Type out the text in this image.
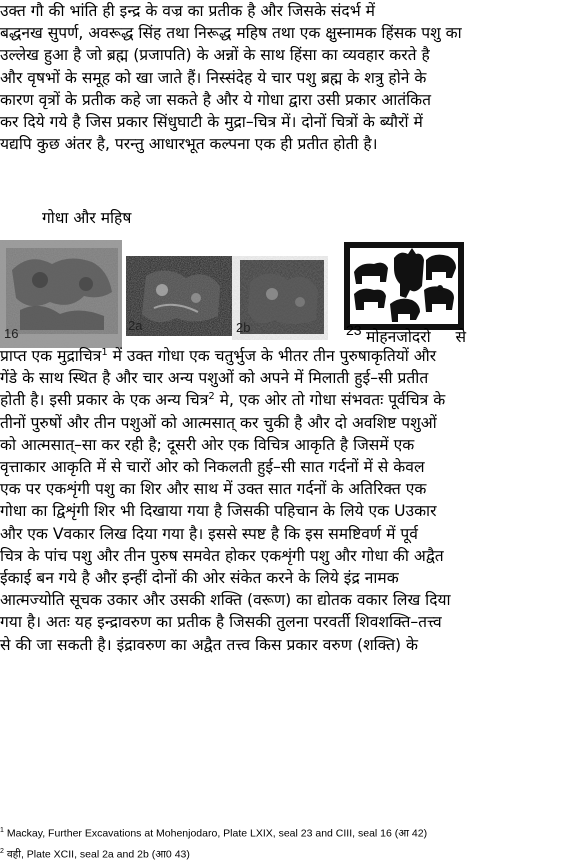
उक्त गौ की भांति ही इन्द्र के वज्र का प्रतीक है और जिसके संदर्भ में
बद्धनख सुपर्ण, अवरूद्ध सिंह तथा निरूद्ध महिष तथा एक क्षुस्नामक हिंसक पशु का
उल्लेख हुआ है जो ब्रह्म (प्रजापति) के अन्नों के साथ हिंसा का व्यवहार करते है
और वृषभों के समूह को खा जाते हैं। निस्संदेह ये चार पशु ब्रह्म के शत्रु होने के
कारण वृत्रों के प्रतीक कहे जा सकते है और ये गोधा द्वारा उसी प्रकार आतंकित
कर दिये गये है जिस प्रकार सिंधुघाटी के मुद्रा–चित्र में। दोनों चित्रों के ब्यौरों में
यद्यपि कुछ अंतर है, परन्तु आधारभूत कल्पना एक ही प्रतीत होती है।
गोधा और महिष
16
2a	2b	23 मोहनजोदरो से
प्राप्त एक मुद्राचित्र$^1$ में उक्त गोधा एक चतुर्भुज के भीतर तीन पुरुषाकृतियों और
गेंडे के साथ स्थित है और चार अन्य पशुओं को अपने में मिलाती हुई–सी प्रतीत
होती है। इसी प्रकार के एक अन्य चित्र$^2$ मे, एक ओर तो गोधा संभवतः पूर्वचित्र के
तीनों पुरुषों और तीन पशुओं को आत्मसात् कर चुकी है और दो अवशिष्ट पशुओं
को आत्मसात्–सा कर रही है; दूसरी ओर एक विचित्र आकृति है जिसमें एक
वृत्ताकार आकृति में से चारों ओर को निकलती हुई–सी सात गर्दनों में से केवल
एक पर एकशृंगी पशु का शिर और साथ में उक्त सात गर्दनों के अतिरिक्त एक
गोधा का द्विशृंगी शिर भी दिखाया गया है जिसकी पहिचान के लिये एक Uउकार
और एक ᐯवकार लिख दिया गया है। इससे स्पष्ट है कि इस समष्टिवर्ण में पूर्व
चित्र के पांच पशु और तीन पुरुष समवेत होकर एकशृंगी पशु और गोधा की अद्वैत
ईकाई बन गये है और इन्हीं दोनों की ओर संकेत करने के लिये इंद्र नामक
आत्मज्योति सूचक उकार और उसकी शक्ति (वरूण) का द्योतक वकार लिख दिया
गया है। अतः यह इन्द्रावरुण का प्रतीक है जिसकी तुलना परवर्ती शिवशक्ति–तत्त्व
से की जा सकती है। इंद्रावरुण का अद्वैत तत्त्व किस प्रकार वरुण (शक्ति) के
$^1$ Mackay, Further Excavations at Mohenjodaro, Plate LXIX, seal 23 and CIII, seal 16 (आ 42)
$^2$ वही, Plate XCII, seal 2a and 2b (आ0 43)
